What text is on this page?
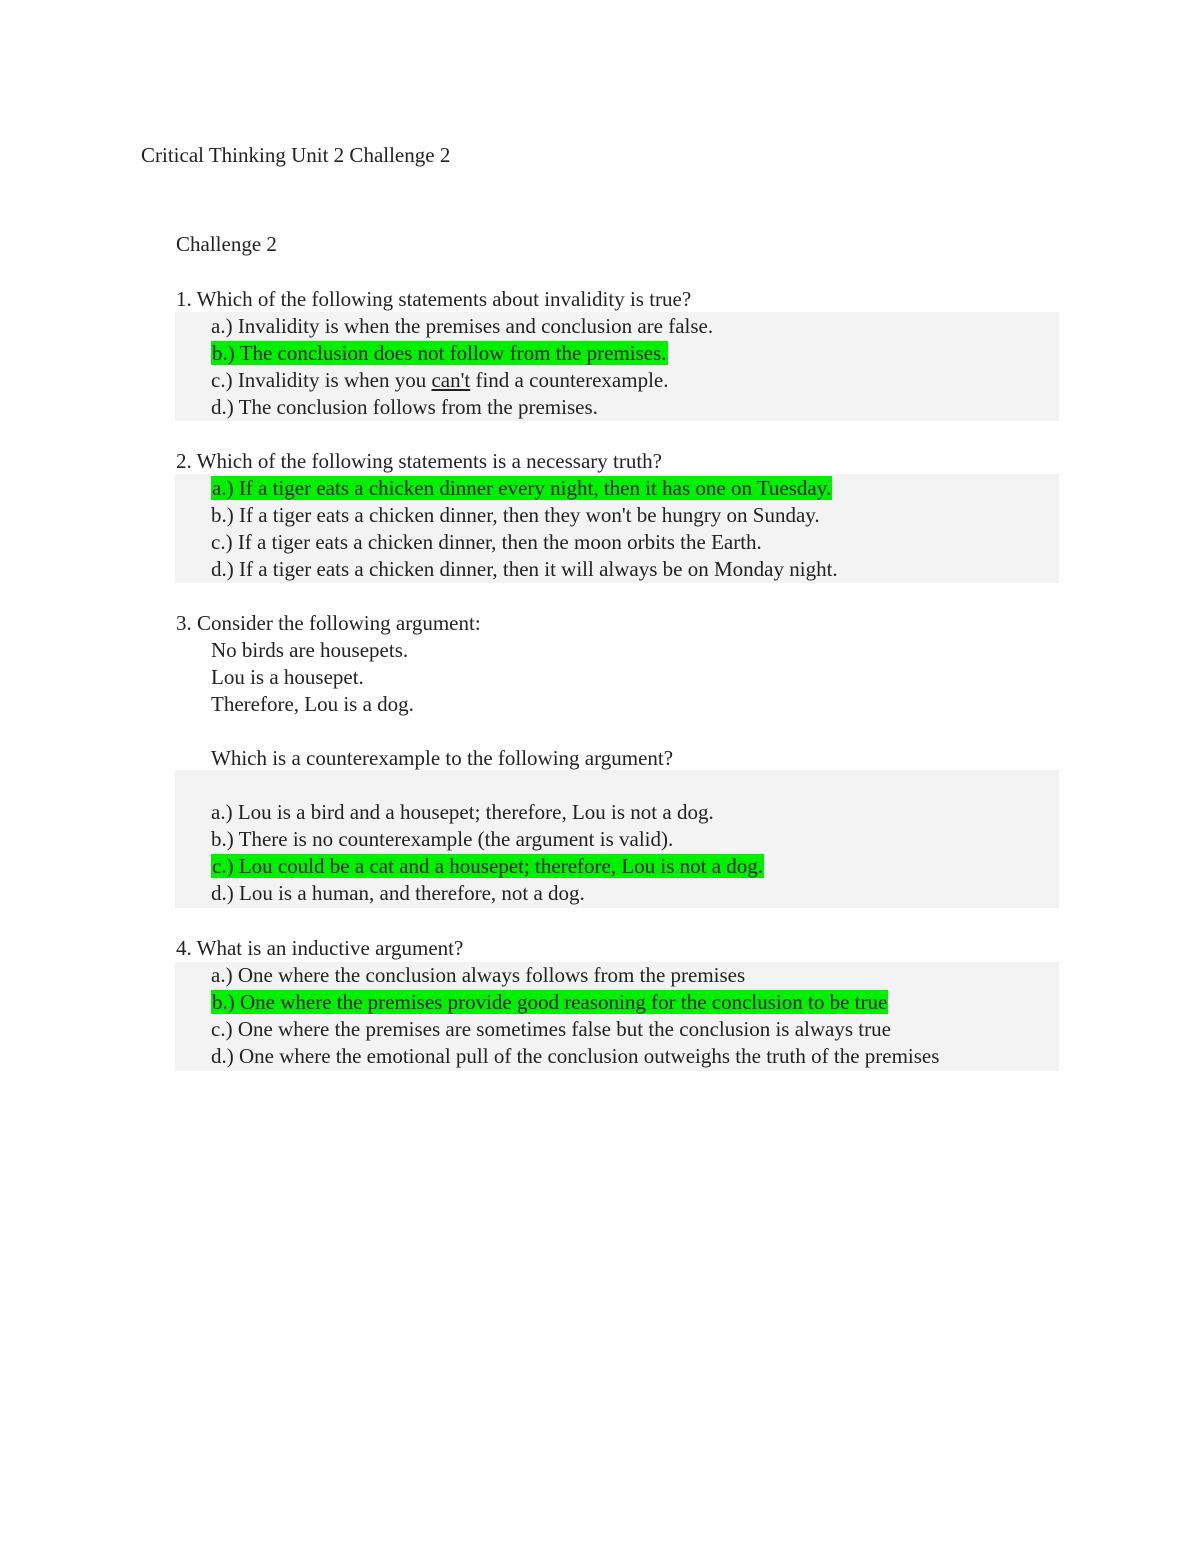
Critical Thinking Unit 2 Challenge 2
Challenge 2
1. Which of the following statements about invalidity is true?
a.) Invalidity is when the premises and conclusion are false.
b.) The conclusion does not follow from the premises.
c.) Invalidity is when you can't find a counterexample.
d.) The conclusion follows from the premises.
2. Which of the following statements is a necessary truth?
a.) If a tiger eats a chicken dinner every night, then it has one on Tuesday.
b.) If a tiger eats a chicken dinner, then they won't be hungry on Sunday.
c.) If a tiger eats a chicken dinner, then the moon orbits the Earth.
d.) If a tiger eats a chicken dinner, then it will always be on Monday night.
3. Consider the following argument:
No birds are housepets.
Lou is a housepet.
Therefore, Lou is a dog.
Which is a counterexample to the following argument?
a.) Lou is a bird and a housepet; therefore, Lou is not a dog.
b.) There is no counterexample (the argument is valid).
c.) Lou could be a cat and a housepet; therefore, Lou is not a dog.
d.) Lou is a human, and therefore, not a dog.
4. What is an inductive argument?
a.) One where the conclusion always follows from the premises
b.) One where the premises provide good reasoning for the conclusion to be true
c.) One where the premises are sometimes false but the conclusion is always true
d.) One where the emotional pull of the conclusion outweighs the truth of the premises
